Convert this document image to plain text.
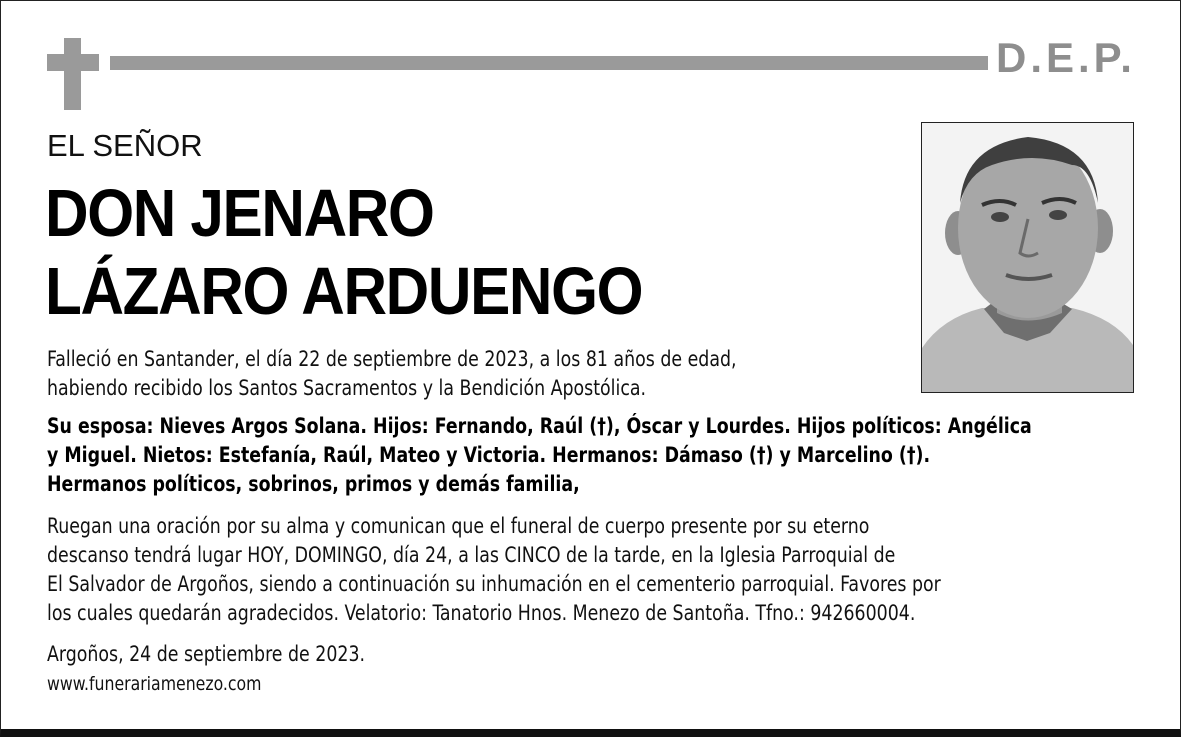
D.E.P.
EL SEÑOR
DON JENARO
LÁZARO ARDUENGO
Falleció en Santander, el día 22 de septiembre de 2023, a los 81 años de edad,
habiendo recibido los Santos Sacramentos y la Bendición Apostólica.
Su esposa: Nieves Argos Solana. Hijos: Fernando, Raúl (†), Óscar y Lourdes. Hijos políticos: Angélica
y Miguel. Nietos: Estefanía, Raúl, Mateo y Victoria. Hermanos: Dámaso (†) y Marcelino (†).
Hermanos políticos, sobrinos, primos y demás familia,
Ruegan una oración por su alma y comunican que el funeral de cuerpo presente por su eterno
descanso tendrá lugar HOY, DOMINGO, día 24, a las CINCO de la tarde, en la Iglesia Parroquial de
El Salvador de Argoños, siendo a continuación su inhumación en el cementerio parroquial. Favores por
los cuales quedarán agradecidos. Velatorio: Tanatorio Hnos. Menezo de Santoña. Tfno.: 942660004.
Argoños, 24 de septiembre de 2023.
www.funerariamenezo.com
